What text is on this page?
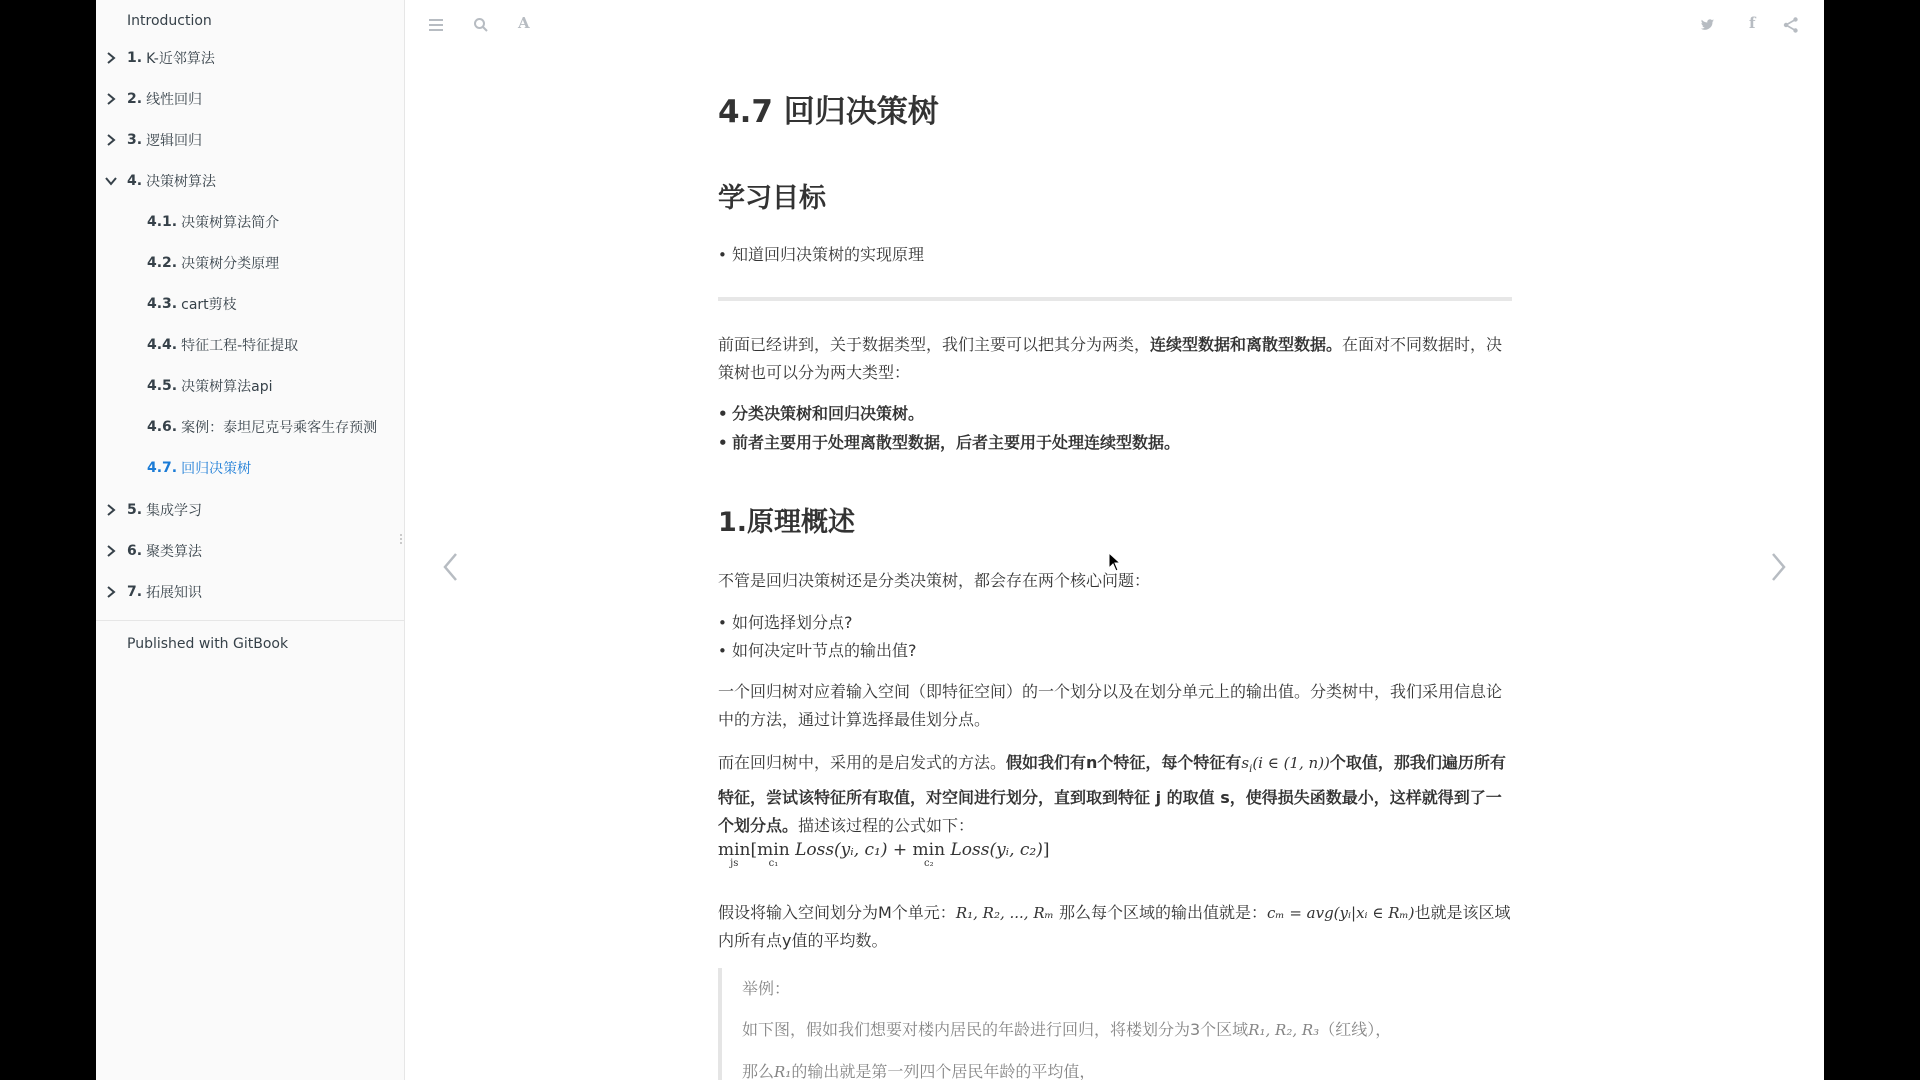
Introduction
1. K-近邻算法
2. 线性回归
3. 逻辑回归
4. 决策树算法
4.1. 决策树算法简介
4.2. 决策树分类原理
4.3. cart剪枝
4.4. 特征工程-特征提取
4.5. 决策树算法api
4.6. 案例：泰坦尼克号乘客生存预测
4.7. 回归决策树
5. 集成学习
6. 聚类算法
7. 拓展知识
Published with GitBook
A	f
4.7 回归决策树
学习目标
• 知道回归决策树的实现原理
前面已经讲到，关于数据类型，我们主要可以把其分为两类，连续型数据和离散型数据。在面对不同数据时，决策树也可以分为两大类型：
• 分类决策树和回归决策树。
• 前者主要用于处理离散型数据，后者主要用于处理连续型数据。
1.原理概述
不管是回归决策树还是分类决策树，都会存在两个核心问题：
• 如何选择划分点?
• 如何决定叶节点的输出值?
一个回归树对应着输入空间（即特征空间）的一个划分以及在划分单元上的输出值。分类树中，我们采用信息论中的方法，通过计算选择最佳划分点。
而在回归树中，采用的是启发式的方法。假如我们有n个特征，每个特征有$s_i(i$ ∈ (1, n))个取值，那我们遍历所有特征，尝试该特征所有取值，对空间进行划分，直到取到特征 j 的取值 s，使得损失函数最小，这样就得到了一个划分点。描述该过程的公式如下：
min
js
[min
c₁
Loss(yᵢ, c₁) + min
c₂
Loss(yᵢ, c₂)]
假设将输入空间划分为M个单元：R₁, R₂, ..., Rₘ 那么每个区域的输出值就是：cₘ = avg(yᵢ|xᵢ ∈ Rₘ)也就是该区域内所有点y值的平均数。
举例：
如下图，假如我们想要对楼内居民的年龄进行回归，将楼划分为3个区域R₁, R₂, R₃（红线），
那么R₁的输出就是第一列四个居民年龄的平均值，
